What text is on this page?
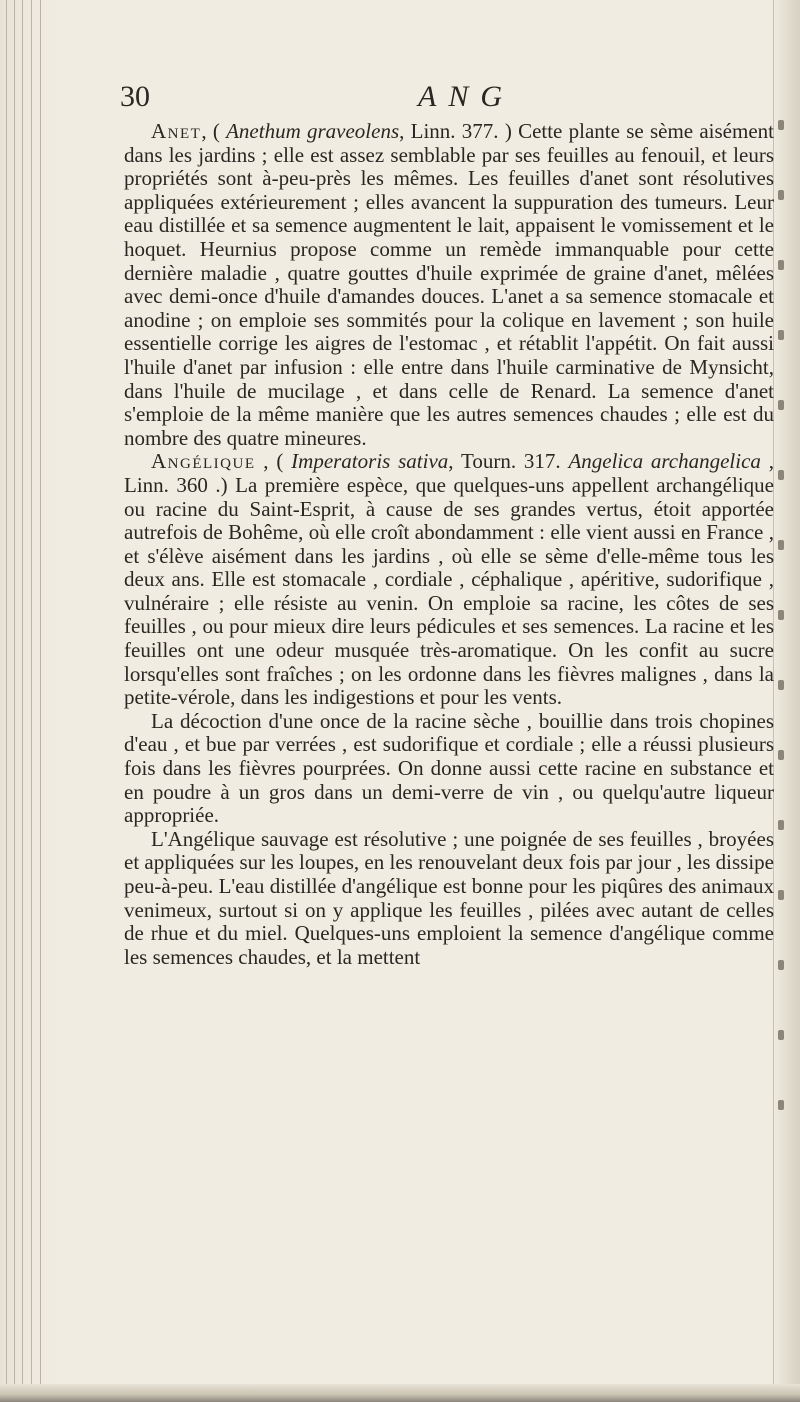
30	ANG

Anet, ( Anethum graveolens, Linn. 377. ) Cette plante se sème aisément dans les jardins ; elle est assez semblable par ses feuilles au fenouil, et leurs propriétés sont à-peu-près les mêmes. Les feuilles d'anet sont résolutives appliquées extérieurement ; elles avancent la suppuration des tumeurs. Leur eau distillée et sa semence augmentent le lait, appaisent le vomissement et le hoquet. Heurnius propose comme un remède immanquable pour cette dernière maladie , quatre gouttes d'huile exprimée de graine d'anet, mêlées avec demi-once d'huile d'amandes douces. L'anet a sa semence stomacale et anodine ; on emploie ses sommités pour la colique en lavement ; son huile essentielle corrige les aigres de l'estomac , et rétablit l'appétit. On fait aussi l'huile d'anet par infusion : elle entre dans l'huile carminative de Mynsicht, dans l'huile de mucilage , et dans celle de Renard. La semence d'anet s'emploie de la même manière que les autres semences chaudes ; elle est du nombre des quatre mineures.

Angélique , ( Imperatoris sativa, Tourn. 317. Angelica archangelica , Linn. 360 .) La première espèce, que quelques-uns appellent archangélique ou racine du Saint-Esprit, à cause de ses grandes vertus, étoit apportée autrefois de Bohême, où elle croît abondamment : elle vient aussi en France , et s'élève aisément dans les jardins , où elle se sème d'elle-même tous les deux ans. Elle est stomacale , cordiale , céphalique , apéritive, sudorifique , vulnéraire ; elle résiste au venin. On emploie sa racine, les côtes de ses feuilles , ou pour mieux dire leurs pédicules et ses semences. La racine et les feuilles ont une odeur musquée très-aromatique. On les confit au sucre lorsqu'elles sont fraîches ; on les ordonne dans les fièvres malignes , dans la petite-vérole, dans les indigestions et pour les vents.

La décoction d'une once de la racine sèche , bouillie dans trois chopines d'eau , et bue par verrées , est sudorifique et cordiale ; elle a réussi plusieurs fois dans les fièvres pourprées. On donne aussi cette racine en substance et en poudre à un gros dans un demi-verre de vin , ou quelqu'autre liqueur appropriée.

L'Angélique sauvage est résolutive ; une poignée de ses feuilles , broyées et appliquées sur les loupes, en les renouvelant deux fois par jour , les dissipe peu-à-peu. L'eau distillée d'angélique est bonne pour les piqûres des animaux venimeux, surtout si on y applique les feuilles , pilées avec autant de celles de rhue et du miel. Quelques-uns emploient la semence d'angélique comme les semences chaudes, et la mettent
